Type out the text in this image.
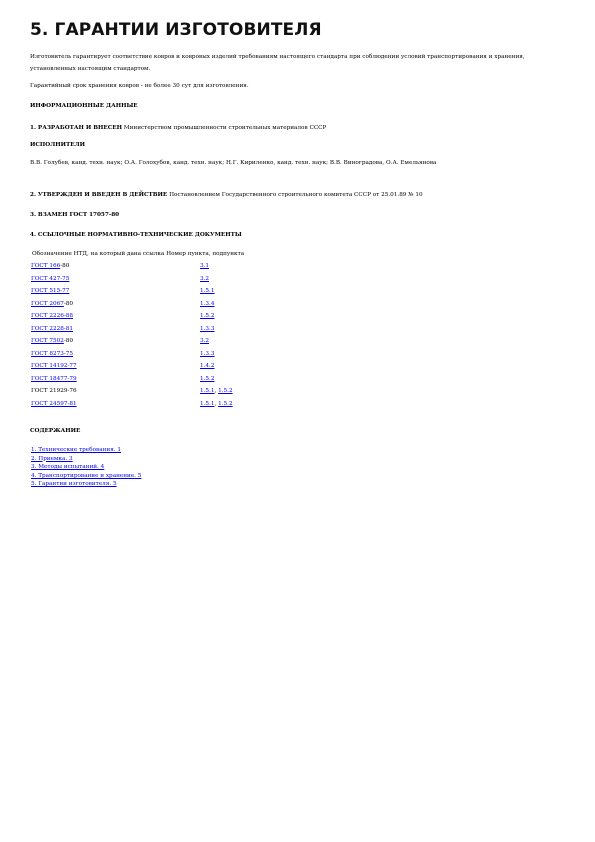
5. ГАРАНТИИ ИЗГОТОВИТЕЛЯ
Изготовитель гарантирует соответствие ковров и ковровых изделий требованиям настоящего стандарта при соблюдении условий транспортирования и хранения, установленных настоящим стандартом.
Гарантийный срок хранения ковров - не более 30 сут для изготовления.
ИНФОРМАЦИОННЫЕ ДАННЫЕ
1. РАЗРАБОТАН И ВНЕСЕН Министерством промышленности строительных материалов СССР
ИСПОЛНИТЕЛИ
В.В. Голубев, канд. техн. наук; О.А. Голохубов, канд. техн. наук; Н.Г. Кириленко, канд. техн. наук; В.В. Виноградова, О.А. Емельянова
2. УТВЕРЖДЕН И ВВЕДЕН В ДЕЙСТВИЕ Постановлением Государственного строительного комитета СССР от 25.01.89 № 10
3. ВЗАМЕН ГОСТ 17057-80
4. ССЫЛОЧНЫЕ НОРМАТИВНО-ТЕХНИЧЕСКИЕ ДОКУМЕНТЫ
Обозначение НТД, на который дана ссылка Номер пункта, подпункта
ГОСТ 166-80	3.1
ГОСТ 427-75	3.2
ГОСТ 515-77	1.5.1
ГОСТ 2067-80	1.3.4
ГОСТ 2226-88	1.5.2
ГОСТ 2228-81	1.3.3
ГОСТ 7502-80	3.2
ГОСТ 8273-75	1.3.3
ГОСТ 14192-77	1.4.2
ГОСТ 18477-79	1.5.2
ГОСТ 21929-76	1.5.1, 1.5.2
ГОСТ 24597-81	1.5.1, 1.5.2
СОДЕРЖАНИЕ
1. Технические требования. 1
2. Приемка. 3
3. Методы испытаний. 4
4. Транспортирование и хранение. 5
5. Гарантии изготовителя. 5
